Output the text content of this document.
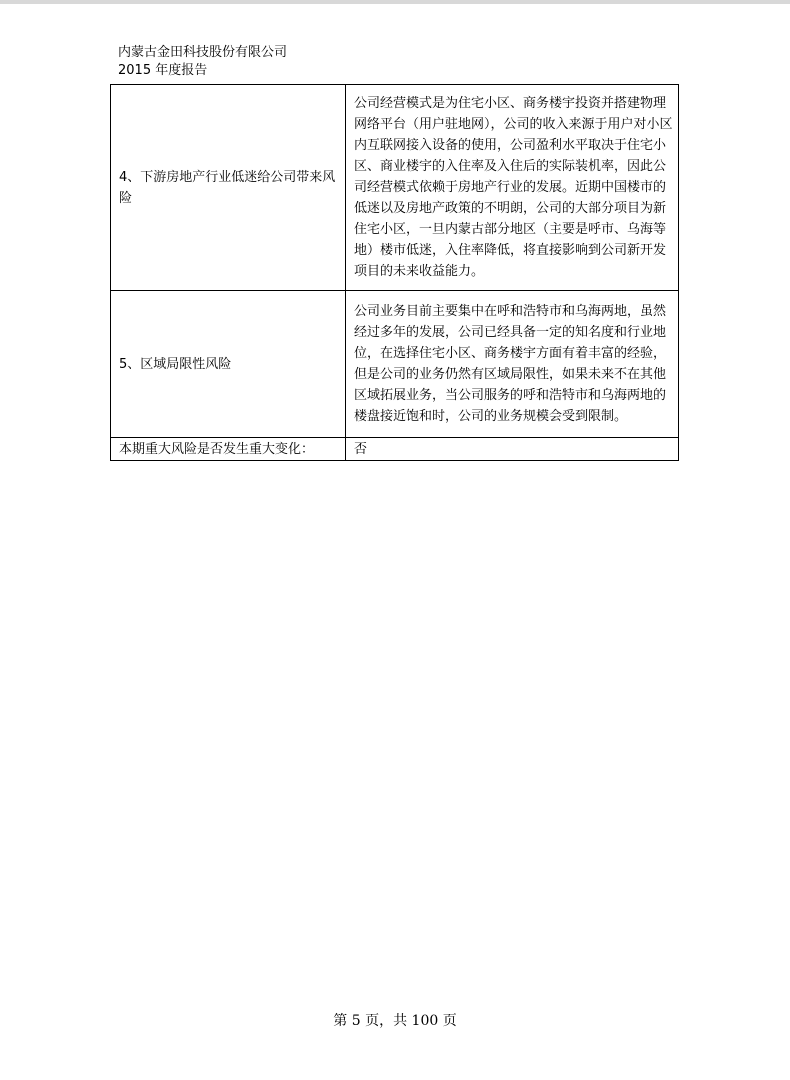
内蒙古金田科技股份有限公司
2015 年度报告
4、下游房地产行业低迷给公司带来风险	公司经营模式是为住宅小区、商务楼宇投资并搭建物理网络平台（用户驻地网），公司的收入来源于用户对小区内互联网接入设备的使用，公司盈利水平取决于住宅小区、商业楼宇的入住率及入住后的实际装机率，因此公司经营模式依赖于房地产行业的发展。近期中国楼市的低迷以及房地产政策的不明朗，公司的大部分项目为新住宅小区，一旦内蒙古部分地区（主要是呼市、乌海等地）楼市低迷，入住率降低，将直接影响到公司新开发项目的未来收益能力。
5、区域局限性风险	公司业务目前主要集中在呼和浩特市和乌海两地，虽然经过多年的发展，公司已经具备一定的知名度和行业地位，在选择住宅小区、商务楼宇方面有着丰富的经验，但是公司的业务仍然有区域局限性，如果未来不在其他区域拓展业务，当公司服务的呼和浩特市和乌海两地的楼盘接近饱和时，公司的业务规模会受到限制。
本期重大风险是否发生重大变化：	否
第 5 页，共 100 页
